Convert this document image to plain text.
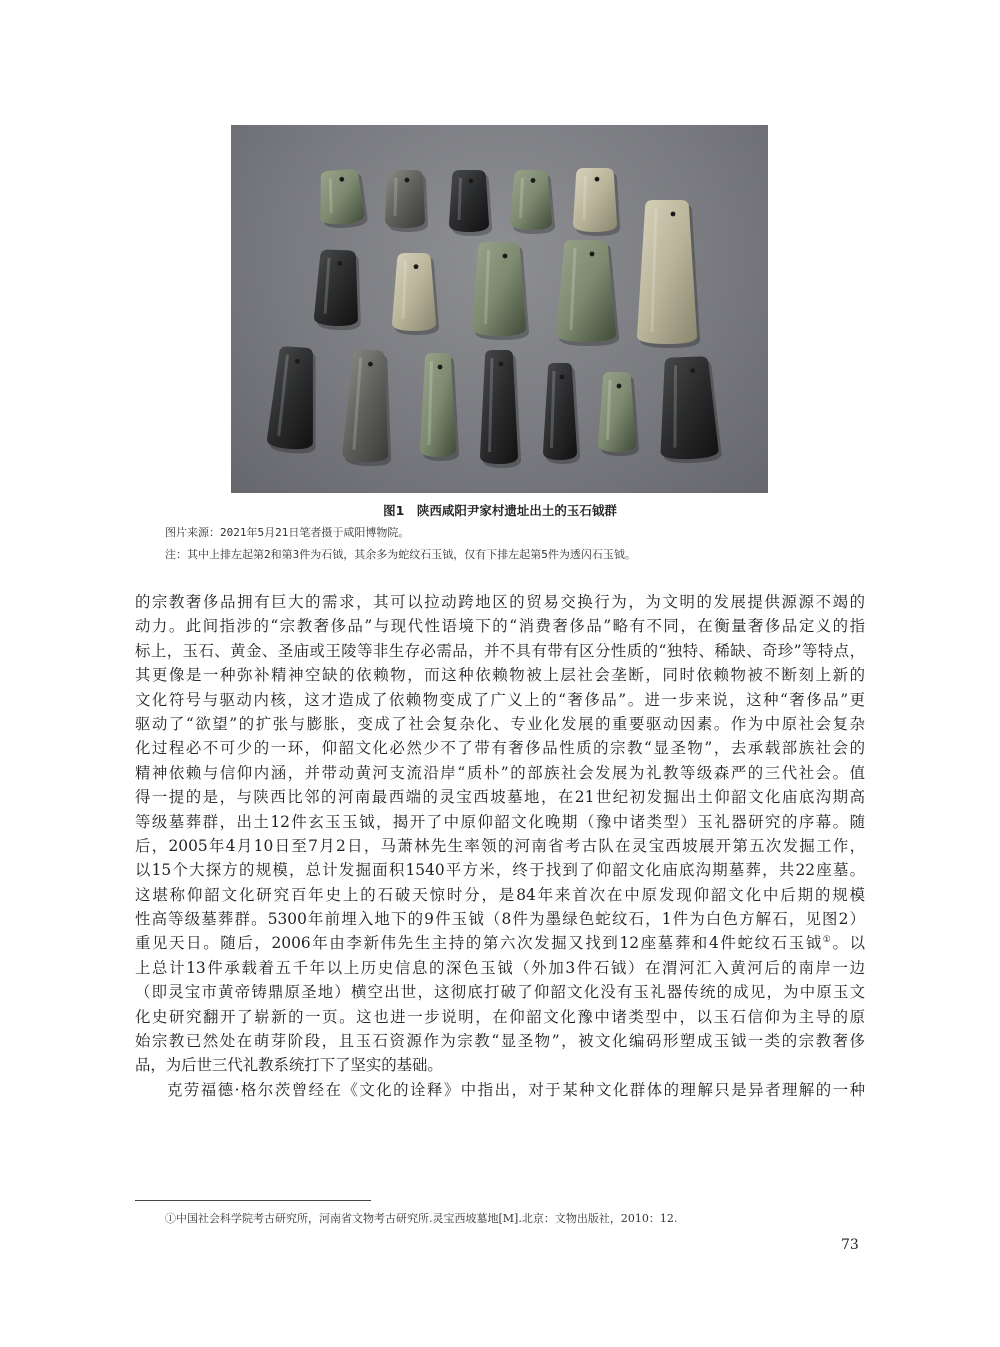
图1　陕西咸阳尹家村遗址出土的玉石钺群
图片来源：2021年5月21日笔者摄于咸阳博物院。
注：其中上排左起第2和第3件为石钺，其余多为蛇纹石玉钺，仅有下排左起第5件为透闪石玉钺。
的宗教奢侈品拥有巨大的需求，其可以拉动跨地区的贸易交换行为，为文明的发展提供源源不竭的
动力。此间指涉的“宗教奢侈品”与现代性语境下的“消费奢侈品”略有不同，在衡量奢侈品定义的指
标上，玉石、黄金、圣庙或王陵等非生存必需品，并不具有带有区分性质的“独特、稀缺、奇珍”等特点，
其更像是一种弥补精神空缺的依赖物，而这种依赖物被上层社会垄断，同时依赖物被不断刻上新的
文化符号与驱动内核，这才造成了依赖物变成了广义上的“奢侈品”。进一步来说，这种“奢侈品”更
驱动了“欲望”的扩张与膨胀，变成了社会复杂化、专业化发展的重要驱动因素。作为中原社会复杂
化过程必不可少的一环，仰韶文化必然少不了带有奢侈品性质的宗教“显圣物”，去承载部族社会的
精神依赖与信仰内涵，并带动黄河支流沿岸“质朴”的部族社会发展为礼教等级森严的三代社会。值
得一提的是，与陕西比邻的河南最西端的灵宝西坡墓地，在21世纪初发掘出土仰韶文化庙底沟期高
等级墓葬群，出土12件玄玉玉钺，揭开了中原仰韶文化晚期（豫中诸类型）玉礼器研究的序幕。随
后，2005年4月10日至7月2日，马萧林先生率领的河南省考古队在灵宝西坡展开第五次发掘工作，
以15个大探方的规模，总计发掘面积1540平方米，终于找到了仰韶文化庙底沟期墓葬，共22座墓。
这堪称仰韶文化研究百年史上的石破天惊时分，是84年来首次在中原发现仰韶文化中后期的规模
性高等级墓葬群。5300年前埋入地下的9件玉钺（8件为墨绿色蛇纹石，1件为白色方解石，见图2）
重见天日。随后，2006年由李新伟先生主持的第六次发掘又找到12座墓葬和4件蛇纹石玉钺①。以
上总计13件承载着五千年以上历史信息的深色玉钺（外加3件石钺）在渭河汇入黄河后的南岸一边
（即灵宝市黄帝铸鼎原圣地）横空出世，这彻底打破了仰韶文化没有玉礼器传统的成见，为中原玉文
化史研究翻开了崭新的一页。这也进一步说明，在仰韶文化豫中诸类型中，以玉石信仰为主导的原
始宗教已然处在萌芽阶段，且玉石资源作为宗教“显圣物”，被文化编码形塑成玉钺一类的宗教奢侈
品，为后世三代礼教系统打下了坚实的基础。
克劳福德·格尔茨曾经在《文化的诠释》中指出，对于某种文化群体的理解只是异者理解的一种
①中国社会科学院考古研究所，河南省文物考古研究所.灵宝西坡墓地[M].北京：文物出版社，2010：12.
73
